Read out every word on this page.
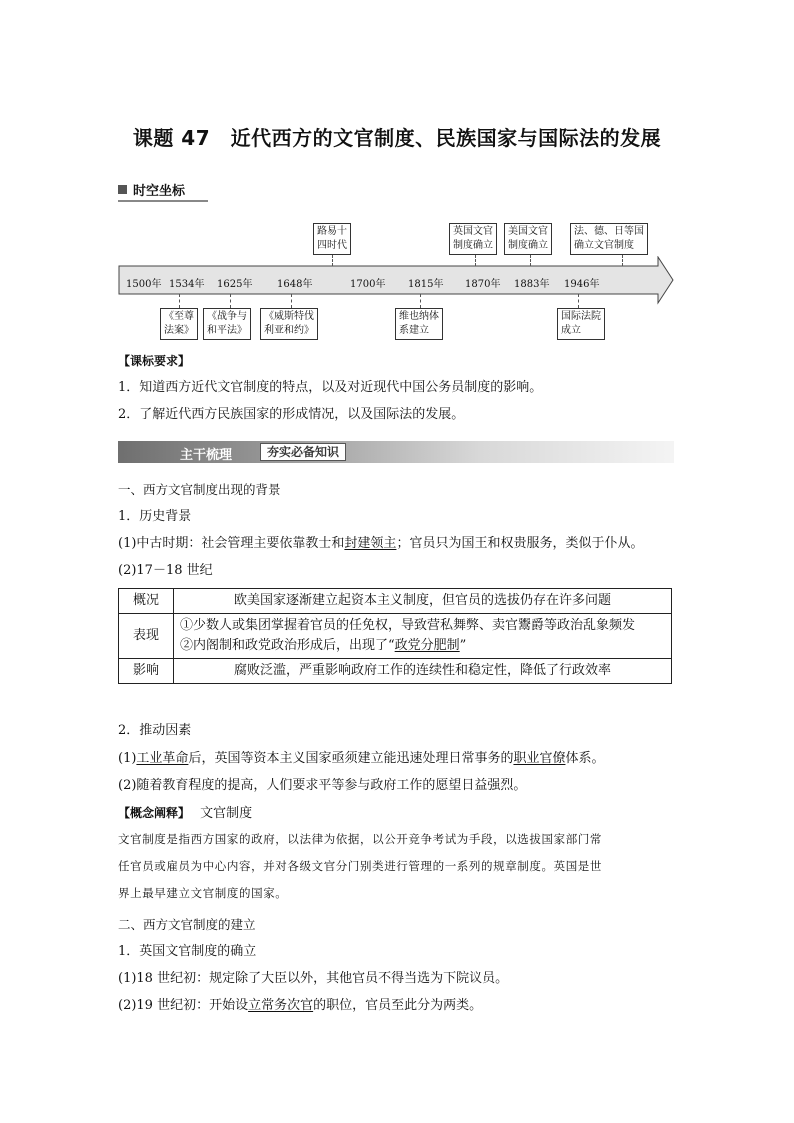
课题 47　近代西方的文官制度、民族国家与国际法的发展
时空坐标
1500年 1534年 1625年 1648年	1700年 1815年 1870年 1883年 1946年
路易十
四时代
英国文官
制度确立
美国文官
制度确立
法、德、日等国
确立文官制度
《至尊
法案》
《战争与
和平法》
《威斯特伐
利亚和约》
维也纳体
系建立
国际法院
成立
【课标要求】
1．知道西方近代文官制度的特点，以及对近现代中国公务员制度的影响。
2．了解近代西方民族国家的形成情况，以及国际法的发展。
主干梳理	夯实必备知识
一、西方文官制度出现的背景
1．历史背景
(1)中古时期：社会管理主要依靠教士和封建领主；官员只为国王和权贵服务，类似于仆从。
(2)17－18 世纪
概况	欧美国家逐渐建立起资本主义制度，但官员的选拔仍存在许多问题
表现	①少数人或集团掌握着官员的任免权，导致营私舞弊、卖官鬻爵等政治乱象频发
②内阁制和政党政治形成后，出现了“政党分肥制”

影响	腐败泛滥，严重影响政府工作的连续性和稳定性，降低了行政效率
2．推动因素
(1)工业革命后，英国等资本主义国家亟须建立能迅速处理日常事务的职业官僚体系。
(2)随着教育程度的提高，人们要求平等参与政府工作的愿望日益强烈。
【概念阐释】 文官制度
文官制度是指西方国家的政府，以法律为依据，以公开竞争考试为手段，以选拔国家部门常
任官员或雇员为中心内容，并对各级文官分门别类进行管理的一系列的规章制度。英国是世
界上最早建立文官制度的国家。
二、西方文官制度的建立
1．英国文官制度的确立
(1)18 世纪初：规定除了大臣以外，其他官员不得当选为下院议员。
(2)19 世纪初：开始设立常务次官的职位，官员至此分为两类。
